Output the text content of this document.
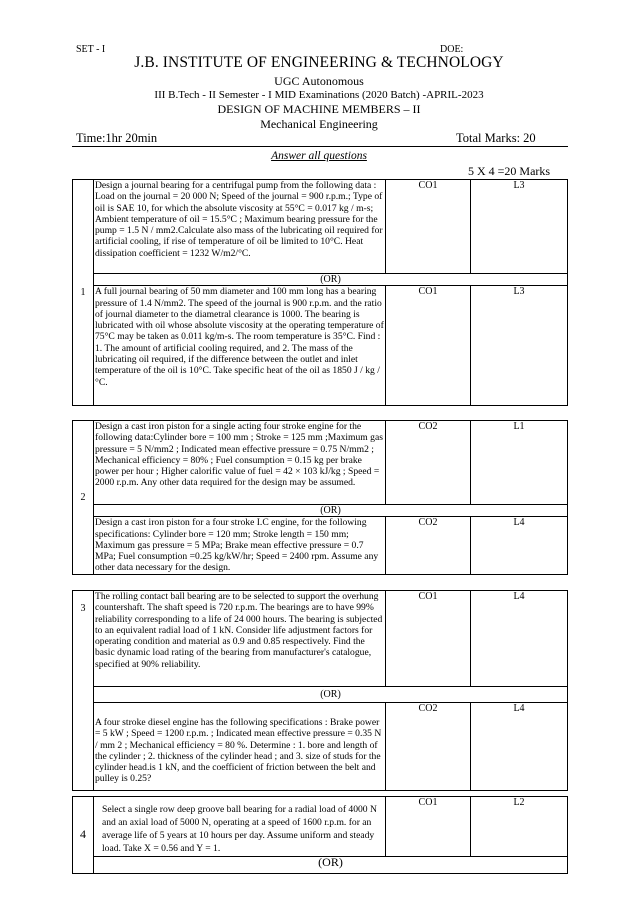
SET - I	DOE:
J.B. INSTITUTE OF ENGINEERING & TECHNOLOGY
UGC Autonomous
III B.Tech - II Semester - I MID Examinations (2020 Batch) -APRIL-2023
DESIGN OF MACHINE MEMBERS – II
Mechanical Engineering
Time:1hr 20min	Total Marks: 20
Answer all questions
5 X 4 =20 Marks
1	Design a journal bearing for a centrifugal pump from the following data : Load on the journal = 20 000 N; Speed of the journal = 900 r.p.m.; Type of oil is SAE 10, for which the absolute viscosity at 55°C = 0.017 kg / m-s; Ambient temperature of oil = 15.5°C ; Maximum bearing pressure for the pump = 1.5 N / mm2.Calculate also mass of the lubricating oil required for artificial cooling, if rise of temperature of oil be limited to 10°C. Heat dissipation coefficient = 1232 W/m2/°C.	CO1	L3
	(OR)		
	A full journal bearing of 50 mm diameter and 100 mm long has a bearing pressure of 1.4 N/mm2. The speed of the journal is 900 r.p.m. and the ratio of journal diameter to the diametral clearance is 1000. The bearing is lubricated with oil whose absolute viscosity at the operating temperature of 75°C may be taken as 0.011 kg/m-s. The room temperature is 35°C. Find : 1. The amount of artificial cooling required, and 2. The mass of the lubricating oil required, if the difference between the outlet and inlet temperature of the oil is 10°C. Take specific heat of the oil as 1850 J / kg / °C.	CO1	L3
2	Design a cast iron piston for a single acting four stroke engine for the following data:Cylinder bore = 100 mm ; Stroke = 125 mm ;Maximum gas pressure = 5 N/mm2 ; Indicated mean effective pressure = 0.75 N/mm2 ; Mechanical efficiency = 80% ; Fuel consumption = 0.15 kg per brake power per hour ; Higher calorific value of fuel = 42 × 103 kJ/kg ; Speed = 2000 r.p.m. Any other data required for the design may be assumed.	CO2	L1
	(OR)		
	Design a cast iron piston for a four stroke I.C engine, for the following specifications: Cylinder bore = 120 mm; Stroke length = 150 mm; Maximum gas pressure = 5 MPa; Brake mean effective pressure = 0.7 MPa; Fuel consumption =0.25 kg/kW/hr; Speed = 2400 rpm. Assume any other data necessary for the design.	CO2	L4
3	The rolling contact ball bearing are to be selected to support the overhung countershaft. The shaft speed is 720 r.p.m. The bearings are to have 99% reliability corresponding to a life of 24 000 hours. The bearing is subjected to an equivalent radial load of 1 kN. Consider life adjustment factors for operating condition and material as 0.9 and 0.85 respectively. Find the basic dynamic load rating of the bearing from manufacturer's catalogue, specified at 90% reliability.	CO1	L4
	(OR)		
	A four stroke diesel engine has the following specifications : Brake power = 5 kW ; Speed = 1200 r.p.m. ; Indicated mean effective pressure = 0.35 N / mm 2 ; Mechanical efficiency = 80 %. Determine : 1. bore and length of the cylinder ; 2. thickness of the cylinder head ; and 3. size of studs for the cylinder head.is 1 kN, and the coefficient of friction between the belt and pulley is 0.25?	CO2	L4
4	Select a single row deep groove ball bearing for a radial load of 4000 N and an axial load of 5000 N, operating at a speed of 1600 r.p.m. for an average life of 5 years at 10 hours per day. Assume uniform and steady load. Take X = 0.56 and Y = 1.	CO1	L2
(OR)
